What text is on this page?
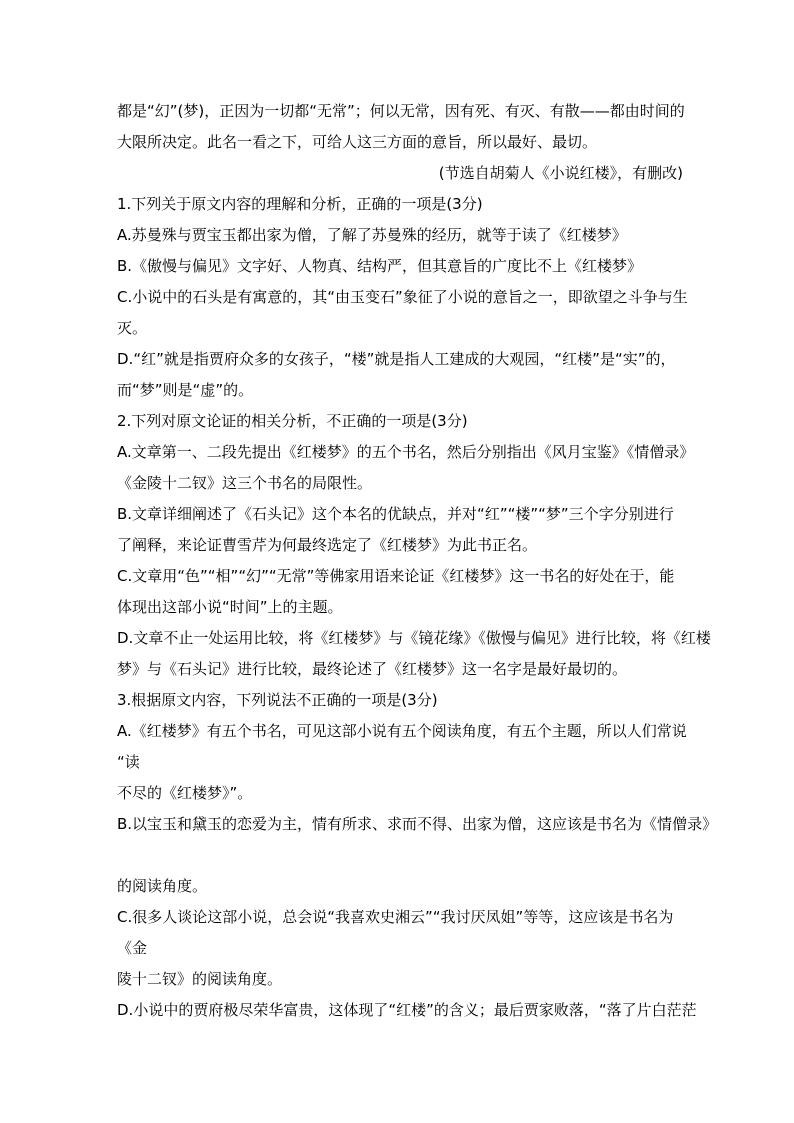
都是“幻”(梦)，正因为一切都“无常”；何以无常，因有死、有灭、有散——都由时间的
大限所决定。此名一看之下，可给人这三方面的意旨，所以最好、最切。
(节选自胡菊人《小说红楼》，有删改)
1.下列关于原文内容的理解和分析，正确的一项是(3分)
A.苏曼殊与贾宝玉都出家为僧，了解了苏曼殊的经历，就等于读了《红楼梦》
B.《傲慢与偏见》文字好、人物真、结构严，但其意旨的广度比不上《红楼梦》
C.小说中的石头是有寓意的，其“由玉变石”象征了小说的意旨之一，即欲望之斗争与生
灭。
D.“红”就是指贾府众多的女孩子，“楼”就是指人工建成的大观园，“红楼”是“实”的，
而“梦”则是“虚”的。
2.下列对原文论证的相关分析，不正确的一项是(3分)
A.文章第一、二段先提出《红楼梦》的五个书名，然后分别指出《风月宝鉴》《情僧录》
《金陵十二钗》这三个书名的局限性。
B.文章详细阐述了《石头记》这个本名的优缺点，并对“红”“楼”“梦”三个字分别进行
了阐释，来论证曹雪芹为何最终选定了《红楼梦》为此书正名。
C.文章用“色”“相”“幻”“无常”等佛家用语来论证《红楼梦》这一书名的好处在于，能
体现出这部小说“时间”上的主题。
D.文章不止一处运用比较，将《红楼梦》与《镜花缘》《傲慢与偏见》进行比较，将《红楼
梦》与《石头记》进行比较，最终论述了《红楼梦》这一名字是最好最切的。
3.根据原文内容，下列说法不正确的一项是(3分)
A.《红楼梦》有五个书名，可见这部小说有五个阅读角度，有五个主题，所以人们常说
“读
不尽的《红楼梦》”。
B.以宝玉和黛玉的恋爱为主，情有所求、求而不得、出家为僧，这应该是书名为《情僧录》
的阅读角度。
C.很多人谈论这部小说，总会说“我喜欢史湘云”“我讨厌凤姐”等等，这应该是书名为
《金
陵十二钗》的阅读角度。
D.小说中的贾府极尽荣华富贵，这体现了“红楼”的含义；最后贾家败落，“落了片白茫茫
